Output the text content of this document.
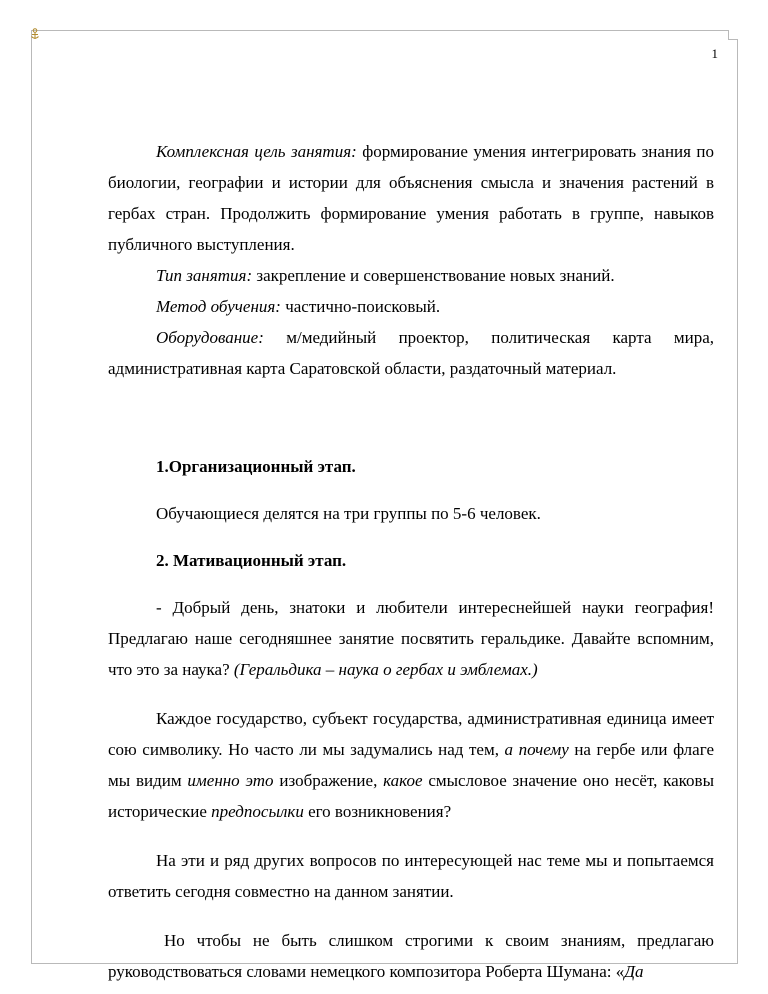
1

Комплексная цель занятия: формирование умения интегрировать знания по биологии, географии и истории для объяснения смысла и значения растений в гербах стран. Продолжить формирование умения работать в группе, навыков публичного выступления.

Тип занятия: закрепление и совершенствование новых знаний.

Метод обучения: частично-поисковый.

Оборудование: м/медийный проектор, политическая карта мира, административная карта Саратовской области, раздаточный материал.

1.Организационный этап.

Обучающиеся делятся на три группы по 5-6 человек.

2. Мативационный этап.

- Добрый день, знатоки и любители интереснейшей науки география! Предлагаю наше сегодняшнее занятие посвятить геральдике. Давайте вспомним, что это за наука? (Геральдика – наука о гербах и эмблемах.)

Каждое государство, субъект государства, административная единица имеет сою символику. Но часто ли мы задумались над тем, а почему на гербе или флаге мы видим именно это изображение, какое смысловое значение оно несёт, каковы исторические предпосылки его возникновения?

На эти и ряд других вопросов по интересующей нас теме мы и попытаемся ответить сегодня совместно на данном занятии.

Но чтобы не быть слишком строгими к своим знаниям, предлагаю руководствоваться словами немецкого композитора Роберта Шумана: «Да
